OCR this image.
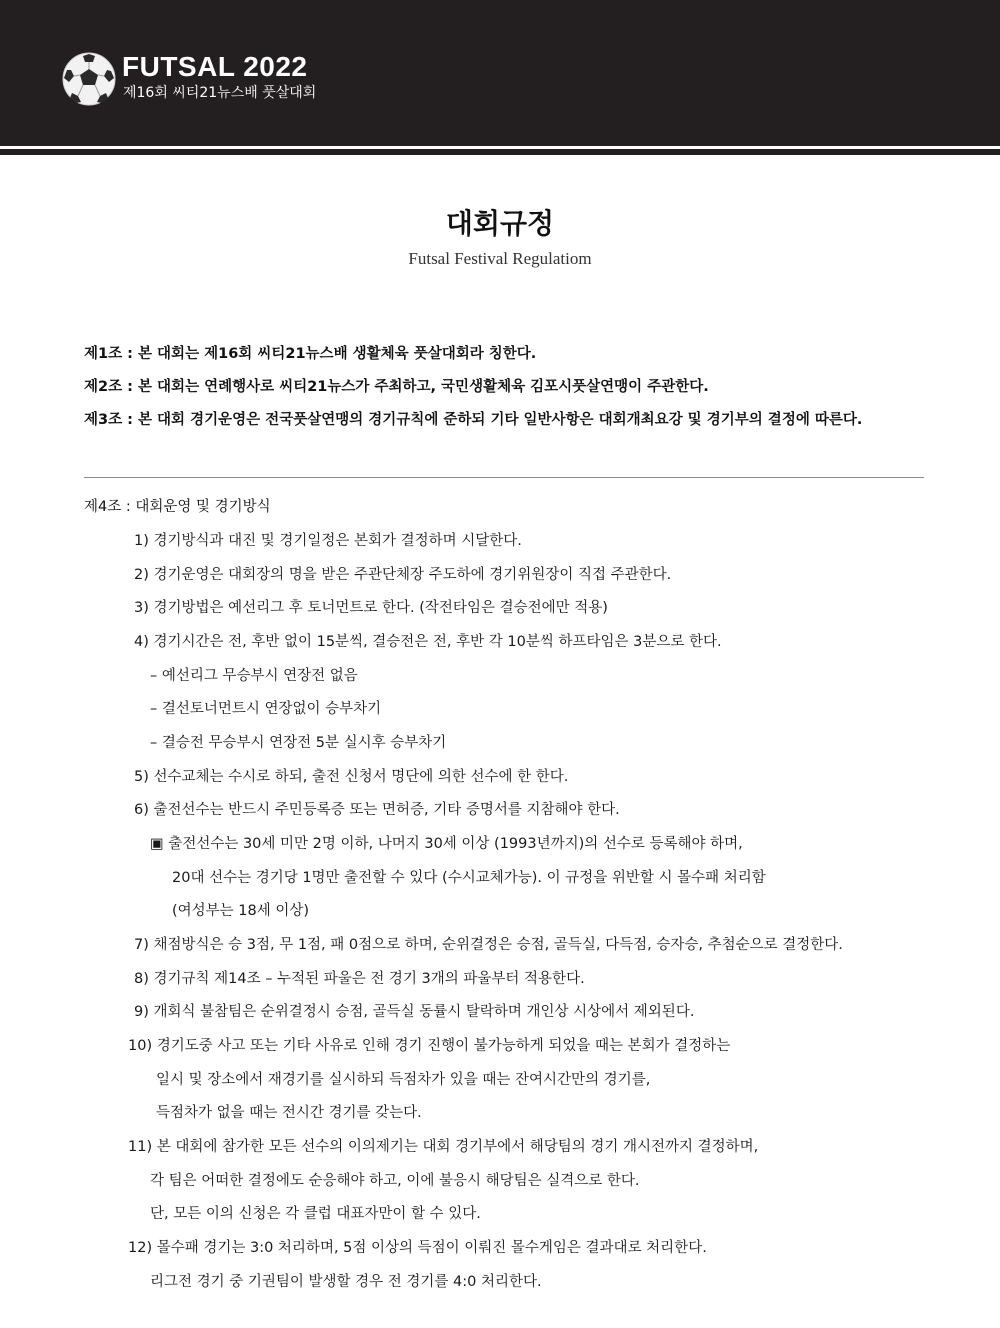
FUTSAL 2022
제16회 씨티21뉴스배 풋살대회
대회규정
Futsal Festival Regulatiom
제1조 : 본 대회는 제16회 씨티21뉴스배 생활체육 풋살대회라 칭한다.
제2조 : 본 대회는 연례행사로 씨티21뉴스가 주최하고, 국민생활체육 김포시풋살연맹이 주관한다.
제3조 : 본 대회 경기운영은 전국풋살연맹의 경기규칙에 준하되 기타 일반사항은 대회개최요강 및 경기부의 결정에 따른다.
제4조 : 대회운영 및 경기방식
1) 경기방식과 대진 및 경기일정은 본회가 결정하며 시달한다.
2) 경기운영은 대회장의 명을 받은 주관단체장 주도하에 경기위원장이 직접 주관한다.
3) 경기방법은 예선리그 후 토너먼트로 한다. (작전타임은 결승전에만 적용)
4) 경기시간은 전, 후반 없이 15분씩, 결승전은 전, 후반 각 10분씩 하프타임은 3분으로 한다.
– 예선리그 무승부시 연장전 없음
– 결선토너먼트시 연장없이 승부차기
– 결승전 무승부시 연장전 5분 실시후 승부차기
5) 선수교체는 수시로 하되, 출전 신청서 명단에 의한 선수에 한 한다.
6) 출전선수는 반드시 주민등록증 또는 면허증, 기타 증명서를 지참해야 한다.
▣ 출전선수는 30세 미만 2명 이하, 나머지 30세 이상 (1993년까지)의 선수로 등록해야 하며,
20대 선수는 경기당 1명만 출전할 수 있다 (수시교체가능). 이 규정을 위반할 시 몰수패 처리함
(여성부는 18세 이상)
7) 채점방식은 승 3점, 무 1점, 패 0점으로 하며, 순위결정은 승점, 골득실, 다득점, 승자승, 추첨순으로 결정한다.
8) 경기규칙 제14조 – 누적된 파울은 전 경기 3개의 파울부터 적용한다.
9) 개회식 불참팀은 순위결정시 승점, 골득실 동률시 탈락하며 개인상 시상에서 제외된다.
10) 경기도중 사고 또는 기타 사유로 인해 경기 진행이 불가능하게 되었을 때는 본회가 결정하는
일시 및 장소에서 재경기를 실시하되 득점차가 있을 때는 잔여시간만의 경기를,
득점차가 없을 때는 전시간 경기를 갖는다.
11) 본 대회에 참가한 모든 선수의 이의제기는 대회 경기부에서 해당팀의 경기 개시전까지 결정하며,
각 팀은 어떠한 결정에도 순응해야 하고, 이에 불응시 해당팀은 실격으로 한다.
단, 모든 이의 신청은 각 클럽 대표자만이 할 수 있다.
12) 몰수패 경기는 3:0 처리하며, 5점 이상의 득점이 이뤄진 몰수게임은 결과대로 처리한다.
리그전 경기 중 기권팀이 발생할 경우 전 경기를 4:0 처리한다.
